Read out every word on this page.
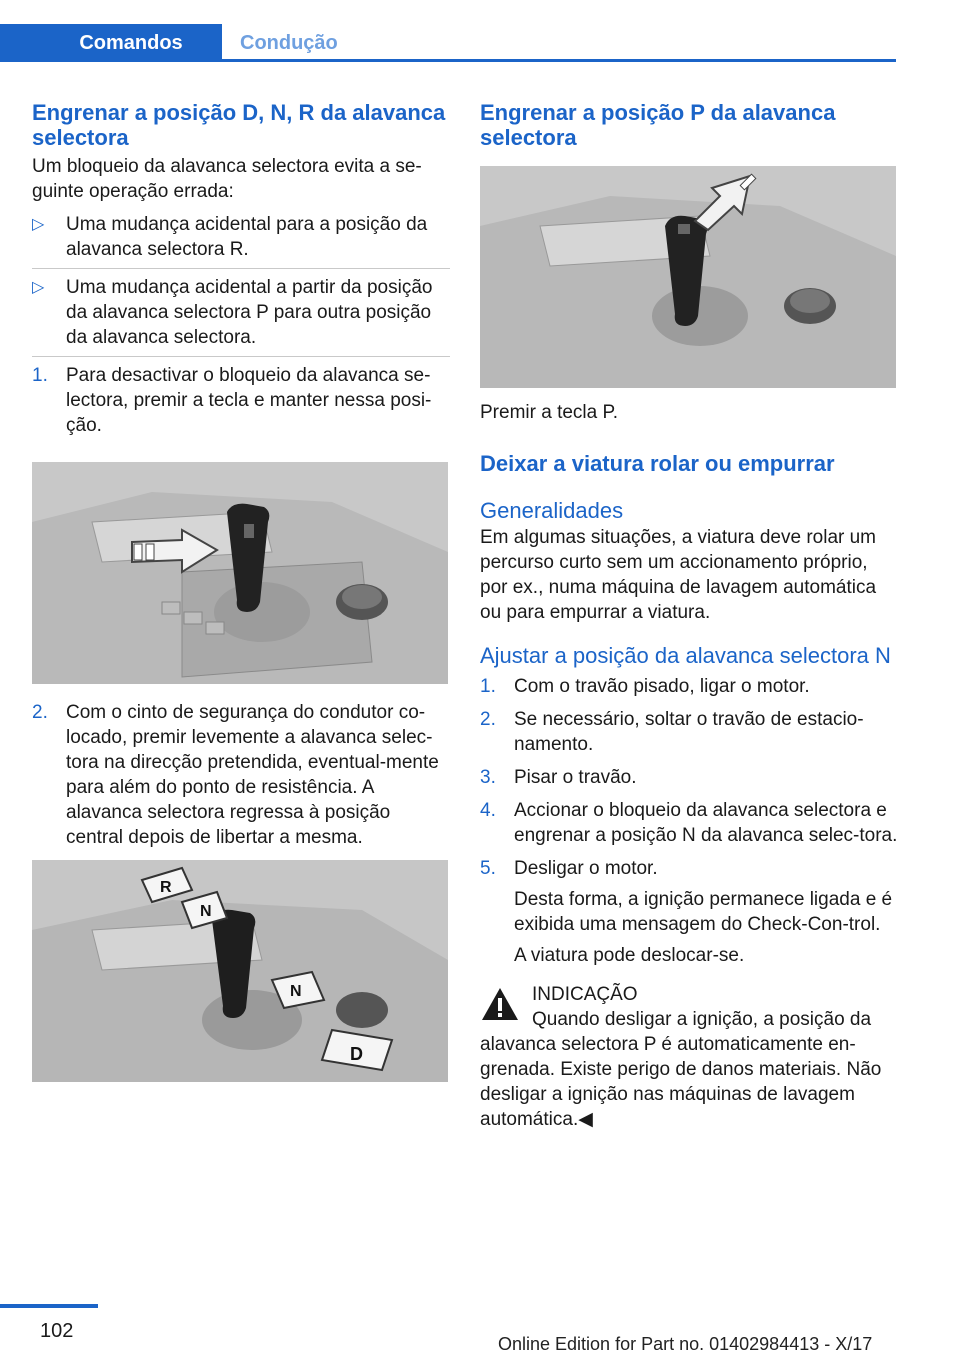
Comandos	Condução
Engrenar a posição D, N, R da alavanca selectora

Um bloqueio da alavanca selectora evita a se-guinte operação errada:

▷ Uma mudança acidental para a posição da alavanca selectora R.
▷ Uma mudança acidental a partir da posição da alavanca selectora P para outra posição da alavanca selectora.
1. Para desactivar o bloqueio da alavanca se-lectora, premir a tecla e manter nessa posi-ção.
2. Com o cinto de segurança do condutor co-locado, premir levemente a alavanca selec-tora na direcção pretendida, eventual-mente para além do ponto de resistência. A alavanca selectora regressa à posição central depois de libertar a mesma.
R
N
N
D
Engrenar a posição P da alavanca selectora

Premir a tecla P.

Deixar a viatura rolar ou empurrar
Generalidades

Em algumas situações, a viatura deve rolar um percurso curto sem um accionamento próprio, por ex., numa máquina de lavagem automática ou para empurrar a viatura.

Ajustar a posição da alavanca selectora N
1. Com o travão pisado, ligar o motor.
2. Se necessário, soltar o travão de estacio-namento.
3. Pisar o travão.
4. Accionar o bloqueio da alavanca selectora e engrenar a posição N da alavanca selec-tora.
5. Desligar o motor.

Desta forma, a ignição permanece ligada e é exibida uma mensagem do Check-Con-trol.

A viatura pode deslocar-se.

INDICAÇÃO
Quando desligar a ignição, a posição da
alavanca selectora P é automaticamente en-grenada. Existe perigo de danos materiais. Não desligar a ignição nas máquinas de lavagem automática.◀
102
Online Edition for Part no. 01402984413 - X/17
